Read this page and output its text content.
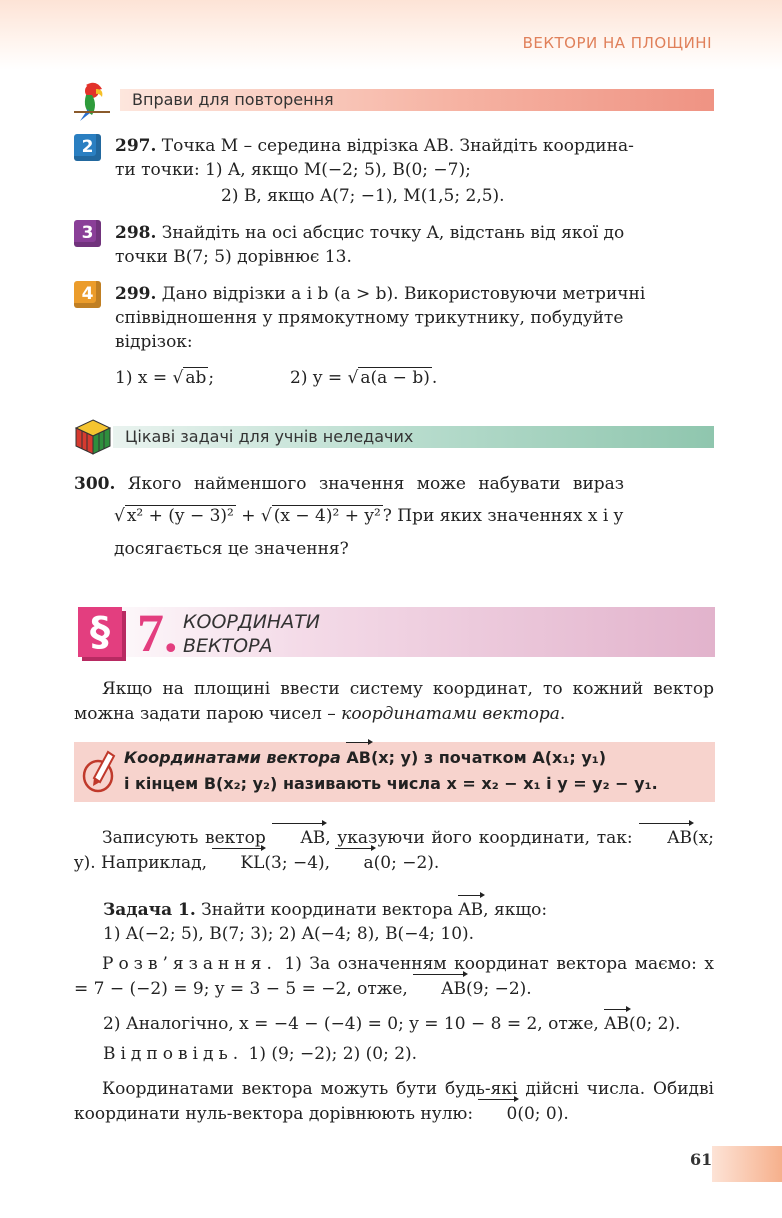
ВЕКТОРИ НА ПЛОЩИНІ
Вправи для повторення
2	297. Точка M – середина відрізка AB. Знайдіть координа-
ти точки: 1) A, якщо M(−2; 5), B(0; −7);
2) B, якщо A(7; −1), M(1,5; 2,5).
3	298. Знайдіть на осі абсцис точку A, відстань від якої до
точки B(7; 5) дорівнює 13.
4	299. Дано відрізки a і b (a > b). Використовуючи метричні
співвідношення у прямокутному трикутнику, побудуйте
відрізок:
1) x = √ ab ;	2) y = √ a(a − b) .
Цікаві задачі для учнів неледачих
300. Якого найменшого значення може набувати вираз
√ x² + (y − 3)² + √ (x − 4)² + y² ? При яких значеннях x і y
досягається це значення?
§ 7. КООРДИНАТИ
ВЕКТОРА
Якщо на площині ввести систему координат, то кожний вектор можна задати парою чисел – координатами вектора.
Координатами вектора AB(x; y) з початком A(x₁; y₁)
і кінцем B(x₂; y₂) називають числа x = x₂ − x₁ і y = y₂ − y₁.
Записують вектор AB, указуючи його координати, так: AB(x; y). Наприклад, KL(3; −4), a(0; −2).
Задача 1. Знайти координати вектора AB, якщо:
1) A(−2; 5), B(7; 3); 2) A(−4; 8), B(−4; 10).
Розв’язання. 1) За означенням координат вектора маємо: x = 7 − (−2) = 9; y = 3 − 5 = −2, отже, AB(9; −2).
2) Аналогічно, x = −4 − (−4) = 0; y = 10 − 8 = 2, отже, AB(0; 2).
Відповідь. 1) (9; −2); 2) (0; 2).
Координатами вектора можуть бути будь-які дійсні числа. Обидві координати нуль-вектора дорівнюють нулю: 0(0; 0).
61
